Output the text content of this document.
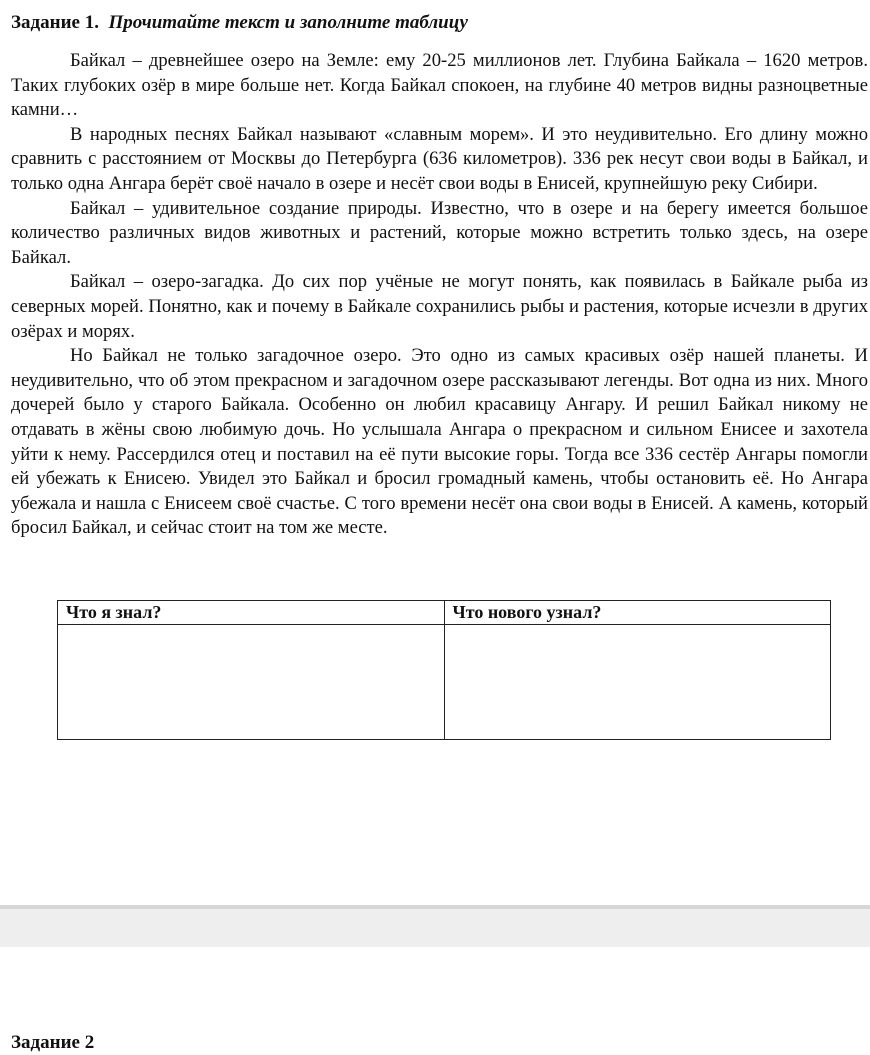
Задание 1. Прочитайте текст и заполните таблицу

Байкал – древнейшее озеро на Земле: ему 20-25 миллионов лет. Глубина Байкала – 1620 метров. Таких глубоких озёр в мире больше нет. Когда Байкал спокоен, на глубине 40 метров видны разноцветные камни…

В народных песнях Байкал называют «славным морем». И это неудивительно. Его длину можно сравнить с расстоянием от Москвы до Петербурга (636 километров). 336 рек несут свои воды в Байкал, и только одна Ангара берёт своё начало в озере и несёт свои воды в Енисей, крупнейшую реку Сибири.

Байкал – удивительное создание природы. Известно, что в озере и на берегу имеется большое количество различных видов животных и растений, которые можно встретить только здесь, на озере Байкал.

Байкал – озеро-загадка. До сих пор учёные не могут понять, как появилась в Байкале рыба из северных морей. Понятно, как и почему в Байкале сохранились рыбы и растения, которые исчезли в других озёрах и морях.

Но Байкал не только загадочное озеро. Это одно из самых красивых озёр нашей планеты. И неудивительно, что об этом прекрасном и загадочном озере рассказывают легенды. Вот одна из них. Много дочерей было у старого Байкала. Особенно он любил красавицу Ангару. И решил Байкал никому не отдавать в жёны свою любимую дочь. Но услышала Ангара о прекрасном и сильном Енисее и захотела уйти к нему. Рассердился отец и поставил на её пути высокие горы. Тогда все 336 сестёр Ангары помогли ей убежать к Енисею. Увидел это Байкал и бросил громадный камень, чтобы остановить её. Но Ангара убежала и нашла с Енисеем своё счастье. С того времени несёт она свои воды в Енисей. А камень, который бросил Байкал, и сейчас стоит на том же месте.

Что я знал?	Что нового узнал?

Задание 2
